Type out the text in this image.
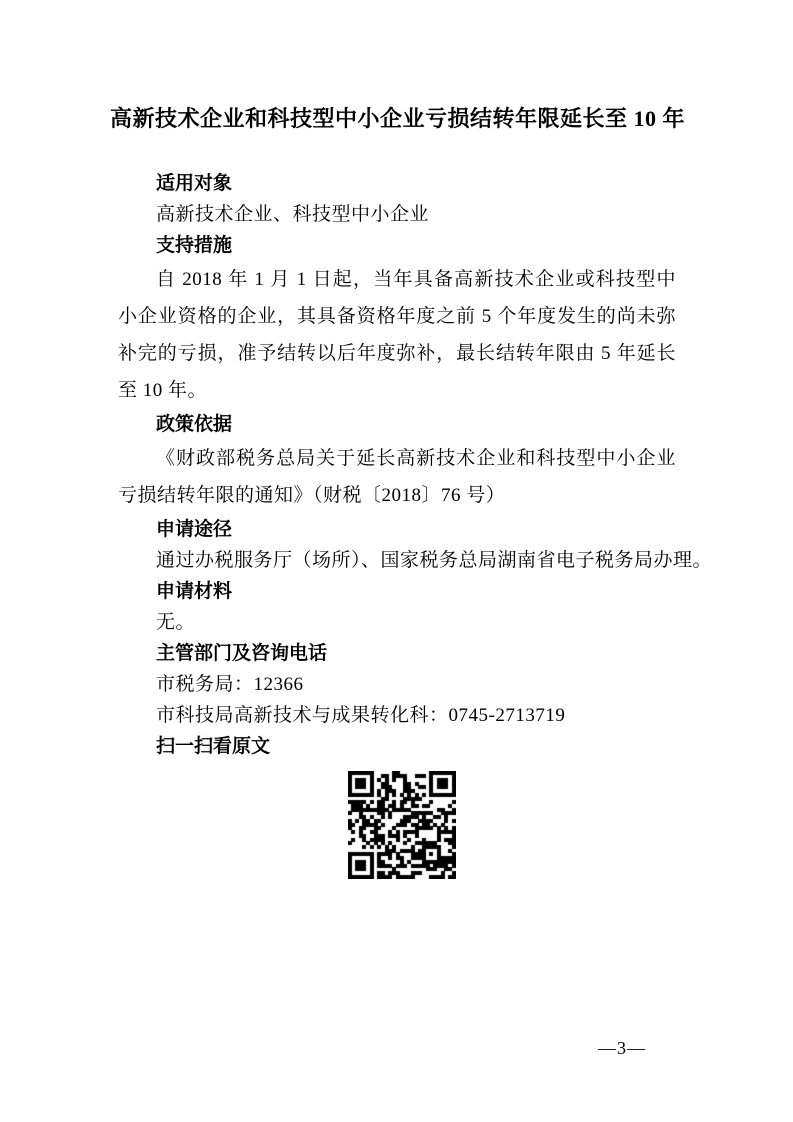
高新技术企业和科技型中小企业亏损结转年限延长至 10 年
适用对象

高新技术企业、科技型中小企业

支持措施

自 2018 年 1 月 1 日起，当年具备高新技术企业或科技型中小企业资格的企业，其具备资格年度之前 5 个年度发生的尚未弥补完的亏损，准予结转以后年度弥补，最长结转年限由 5 年延长至 10 年。

政策依据

《财政部税务总局关于延长高新技术企业和科技型中小企业亏损结转年限的通知》（财税〔2018〕76 号）

申请途径

通过办税服务厅（场所）、国家税务总局湖南省电子税务局办理。

申请材料

无。

主管部门及咨询电话

市税务局：12366

市科技局高新技术与成果转化科：0745-2713719

扫一扫看原文
—3—
